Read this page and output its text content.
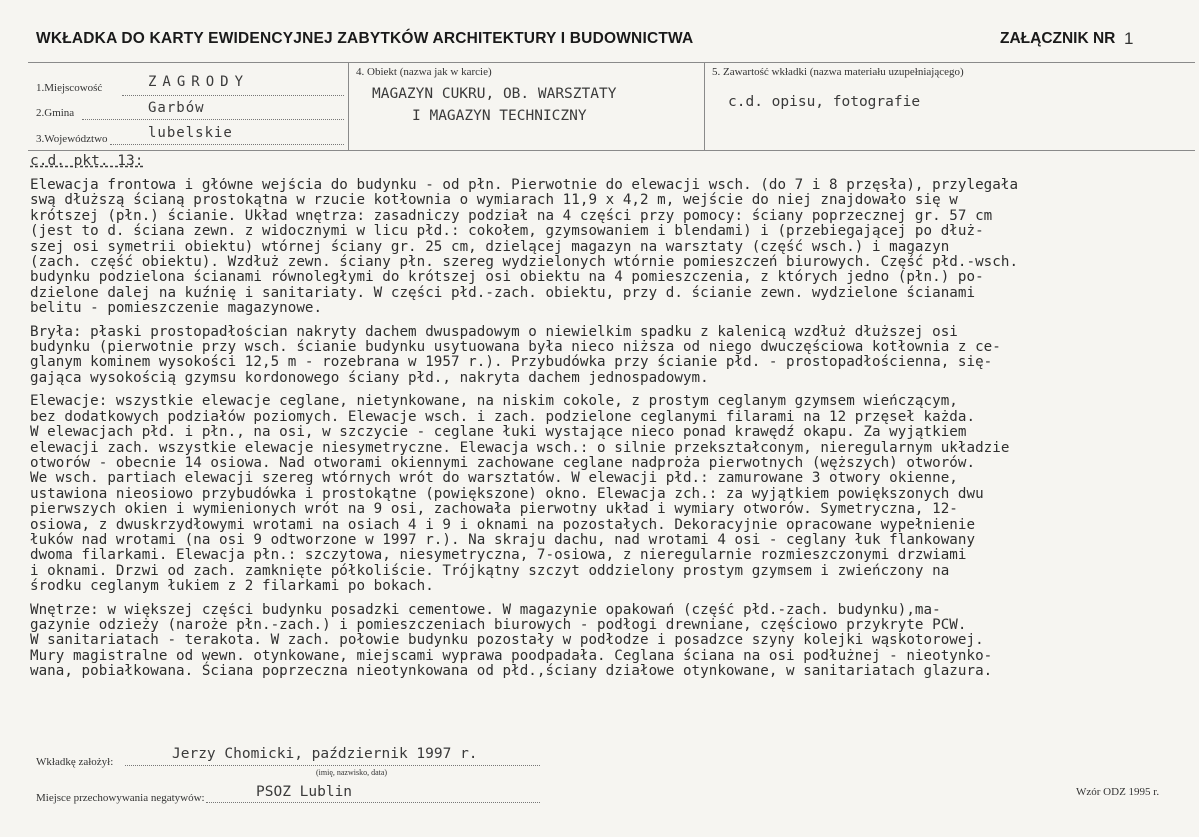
WKŁADKA DO KARTY EWIDENCYJNEJ ZABYTKÓW ARCHITEKTURY I BUDOWNICTWA	ZAŁĄCZNIK NR 1
1.Miejscowość	ZAGRODY
2.Gmina	Garbów
3.Województwo	lubelskie
4. Obiekt (nazwa jak w karcie)
MAGAZYN CUKRU, OB. WARSZTATY
I MAGAZYN TECHNICZNY
5. Zawartość wkładki (nazwa materiału uzupełniającego)
c.d. opisu, fotografie
c.d. pkt. 13:
Elewacja frontowa i główne wejścia do budynku - od płn. Pierwotnie do elewacji wsch. (do 7 i 8 przęsła), przylegała
swą dłuższą ścianą prostokątna w rzucie kotłownia o wymiarach 11,9 x 4,2 m, wejście do niej znajdowało się w
krótszej (płn.) ścianie. Układ wnętrza: zasadniczy podział na 4 części przy pomocy: ściany poprzecznej gr. 57 cm
(jest to d. ściana zewn. z widocznymi w licu płd.: cokołem, gzymsowaniem i blendami) i (przebiegającej po dłuż-
szej osi symetrii obiektu) wtórnej ściany gr. 25 cm, dzielącej magazyn na warsztaty (część wsch.) i magazyn
(zach. część obiektu). Wzdłuż zewn. ściany płn. szereg wydzielonych wtórnie pomieszczeń biurowych. Część płd.-wsch.
budynku podzielona ścianami równoległymi do krótszej osi obiektu na 4 pomieszczenia, z których jedno (płn.) po-
dzielone dalej na kuźnię i sanitariaty. W części płd.-zach. obiektu, przy d. ścianie zewn. wydzielone ścianami
belitu - pomieszczenie magazynowe.
Bryła: płaski prostopadłościan nakryty dachem dwuspadowym o niewielkim spadku z kalenicą wzdłuż dłuższej osi
budynku (pierwotnie przy wsch. ścianie budynku usytuowana była nieco niższa od niego dwuczęściowa kotłownia z ce-
glanym kominem wysokości 12,5 m - rozebrana w 1957 r.). Przybudówka przy ścianie płd. - prostopadłościenna, się-
gająca wysokością gzymsu kordonowego ściany płd., nakryta dachem jednospadowym.
Elewacje: wszystkie elewacje ceglane, nietynkowane, na niskim cokole, z prostym ceglanym gzymsem wieńczącym,
bez dodatkowych podziałów poziomych. Elewacje wsch. i zach. podzielone ceglanymi filarami na 12 przęseł każda.
W elewacjach płd. i płn., na osi, w szczycie - ceglane łuki wystające nieco ponad krawędź okapu. Za wyjątkiem
elewacji zach. wszystkie elewacje niesymetryczne. Elewacja wsch.: o silnie przekształconym, nieregularnym układzie
otworów - obecnie 14 osiowa. Nad otworami okiennymi zachowane ceglane nadproża pierwotnych (węższych) otworów.
We wsch. partiach elewacji szereg wtórnych wrót do warsztatów. W elewacji płd.: zamurowane 3 otwory okienne,
ustawiona nieosiowo przybudówka i prostokątne (powiększone) okno. Elewacja zch.: za wyjątkiem powiększonych dwu
pierwszych okien i wymienionych wrót na 9 osi, zachowała pierwotny układ i wymiary otworów. Symetryczna, 12-
osiowa, z dwuskrzydłowymi wrotami na osiach 4 i 9 i oknami na pozostałych. Dekoracyjnie opracowane wypełnienie
łuków nad wrotami (na osi 9 odtworzone w 1997 r.). Na skraju dachu, nad wrotami 4 osi - ceglany łuk flankowany
dwoma filarkami. Elewacja płn.: szczytowa, niesymetryczna, 7-osiowa, z nieregularnie rozmieszczonymi drzwiami
i oknami. Drzwi od zach. zamknięte półkoliście. Trójkątny szczyt oddzielony prostym gzymsem i zwieńczony na
środku ceglanym łukiem z 2 filarkami po bokach.
Wnętrze: w większej części budynku posadzki cementowe. W magazynie opakowań (część płd.-zach. budynku),ma-
gazynie odzieży (naroże płn.-zach.) i pomieszczeniach biurowych - podłogi drewniane, częściowo przykryte PCW.
W sanitariatach - terakota. W zach. połowie budynku pozostały w podłodze i posadzce szyny kolejki wąskotorowej.
Mury magistralne od wewn. otynkowane, miejscami wyprawa poodpadała. Ceglana ściana na osi podłużnej - nieotynko-
wana, pobiałkowana. Ściana poprzeczna nieotynkowana od płd.,ściany działowe otynkowane, w sanitariatach glazura.
Wkładkę założył:	Jerzy Chomicki, październik 1997 r.
(imię, nazwisko, data)
Miejsce przechowywania negatywów:	PSOZ Lublin	Wzór ODZ 1995 r.
